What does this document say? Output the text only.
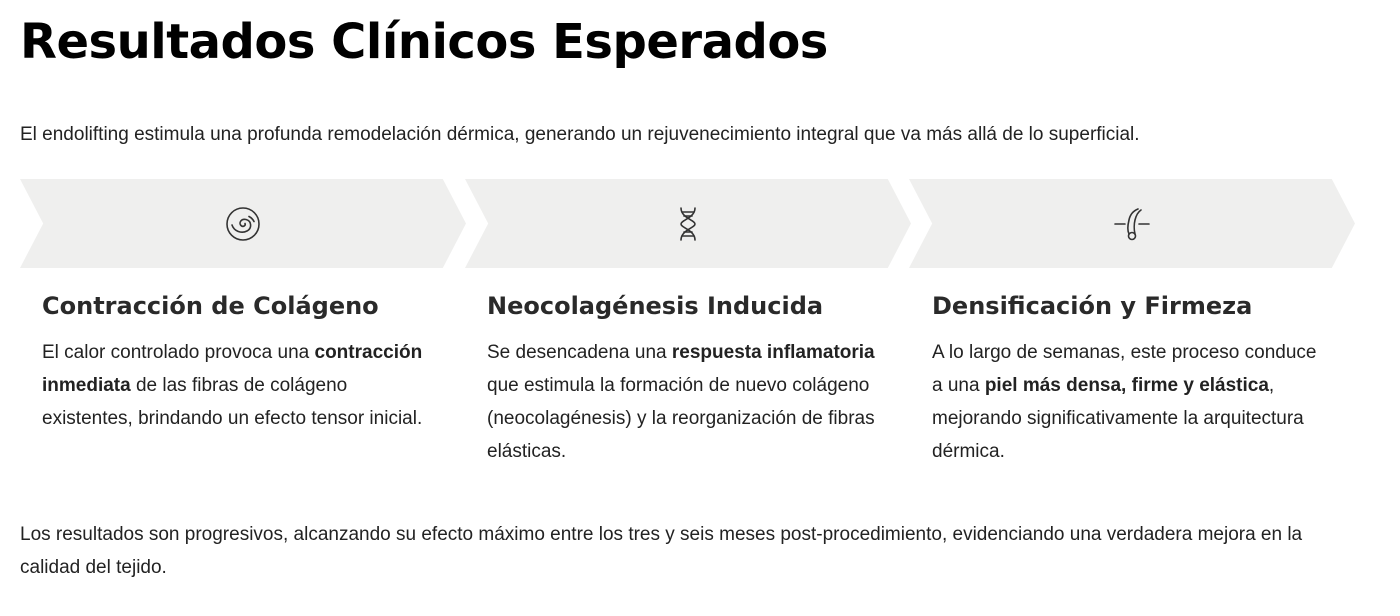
Resultados Clínicos Esperados

El endolifting estimula una profunda remodelación dérmica, generando un rejuvenecimiento integral que va más allá de lo superficial.

Contracción de Colágeno

El calor controlado provoca una contracción inmediata de las fibras de colágeno existentes, brindando un efecto tensor inicial.

Neocolagénesis Inducida

Se desencadena una respuesta inflamatoria que estimula la formación de nuevo colágeno (neocolagénesis) y la reorganización de fibras elásticas.

Densificación y Firmeza

A lo largo de semanas, este proceso conduce a una piel más densa, firme y elástica, mejorando significativamente la arquitectura dérmica.

Los resultados son progresivos, alcanzando su efecto máximo entre los tres y seis meses post-procedimiento, evidenciando una verdadera mejora en la calidad del tejido.
